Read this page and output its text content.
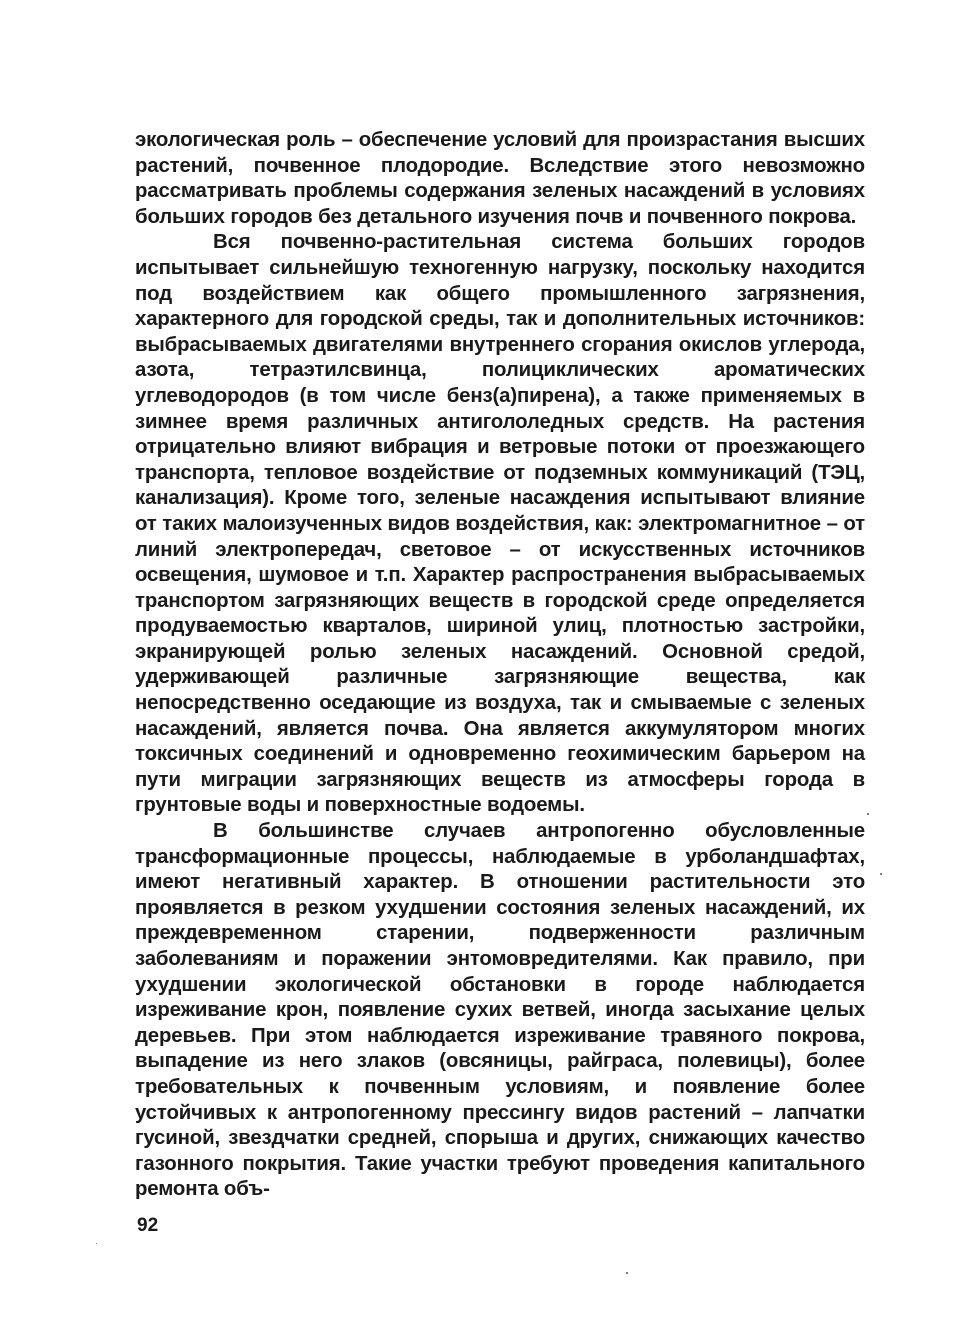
экологическая роль – обеспечение условий для произрастания высших растений, почвенное плодородие. Вследствие этого невозможно рассматривать проблемы содержания зеленых насаждений в условиях больших городов без детального изучения почв и почвенного покрова.

Вся почвенно-растительная система больших городов испытывает сильнейшую техногенную нагрузку, поскольку находится под воздействием как общего промышленного загрязнения, характерного для городской среды, так и дополнительных источников: выбрасываемых двигателями внутреннего сгорания окислов углерода, азота, тетраэтилсвинца, полициклических ароматических углеводородов (в том числе бенз(а)пирена), а также применяемых в зимнее время различных антигололедных средств. На растения отрицательно влияют вибрация и ветровые потоки от проезжающего транспорта, тепловое воздействие от подземных коммуникаций (ТЭЦ, канализация). Кроме того, зеленые насаждения испытывают влияние от таких малоизученных видов воздействия, как: электромагнитное – от линий электропередач, световое – от искусственных источников освещения, шумовое и т.п. Характер распространения выбрасываемых транспортом загрязняющих веществ в городской среде определяется продуваемостью кварталов, шириной улиц, плотностью застройки, экранирующей ролью зеленых насаждений. Основной средой, удерживающей различные загрязняющие вещества, как непосредственно оседающие из воздуха, так и смываемые с зеленых насаждений, является почва. Она является аккумулятором многих токсичных соединений и одновременно геохимическим барьером на пути миграции загрязняющих веществ из атмосферы города в грунтовые воды и поверхностные водоемы.

В большинстве случаев антропогенно обусловленные трансформационные процессы, наблюдаемые в урболандшафтах, имеют негативный характер. В отношении растительности это проявляется в резком ухудшении состояния зеленых насаждений, их преждевременном старении, подверженности различным заболеваниям и поражении энтомовредителями. Как правило, при ухудшении экологической обстановки в городе наблюдается изреживание крон, появление сухих ветвей, иногда засыхание целых деревьев. При этом наблюдается изреживание травяного покрова, выпадение из него злаков (овсяницы, райграса, полевицы), более требовательных к почвенным условиям, и появление более устойчивых к антропогенному прессингу видов растений – лапчатки гусиной, звездчатки средней, спорыша и других, снижающих качество газонного покрытия. Такие участки требуют проведения капитального ремонта объ-

92
